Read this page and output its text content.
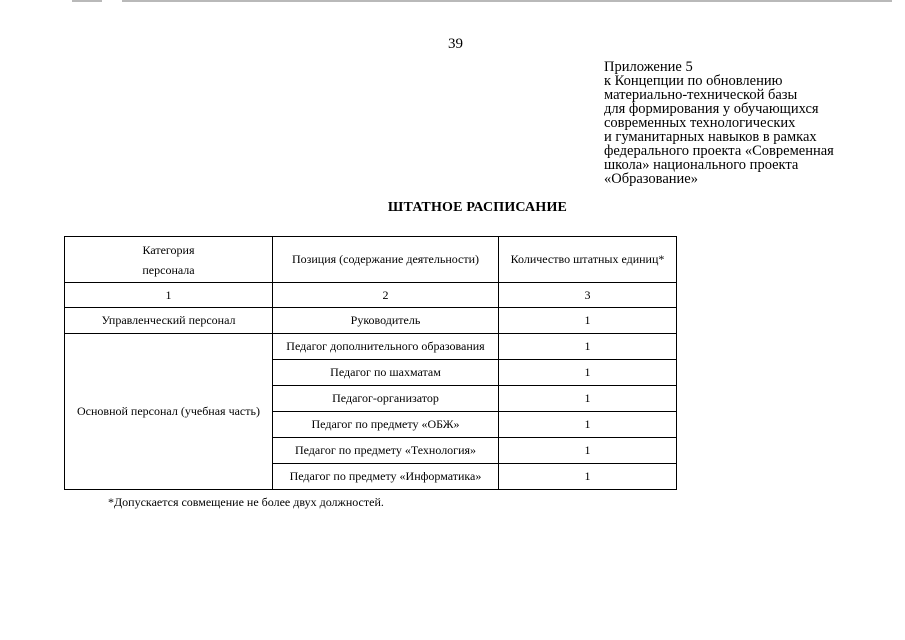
39
Приложение 5
к Концепции по обновлению
материально-технической базы
для формирования у обучающихся
современных технологических
и гуманитарных навыков в рамках
федерального проекта «Современная
школа» национального проекта
«Образование»
ШТАТНОЕ РАСПИСАНИЕ
Категория
персонала	Позиция (содержание деятельности)	Количество штатных единиц*
1	2	3
Управленческий персонал	Руководитель	1
Основной персонал (учебная часть)	Педагог дополнительного образования	1
	Педагог по шахматам	1
	Педагог-организатор	1
	Педагог по предмету «ОБЖ»	1
	Педагог по предмету «Технология»	1
	Педагог по предмету «Информатика»	1
*Допускается совмещение не более двух должностей.
